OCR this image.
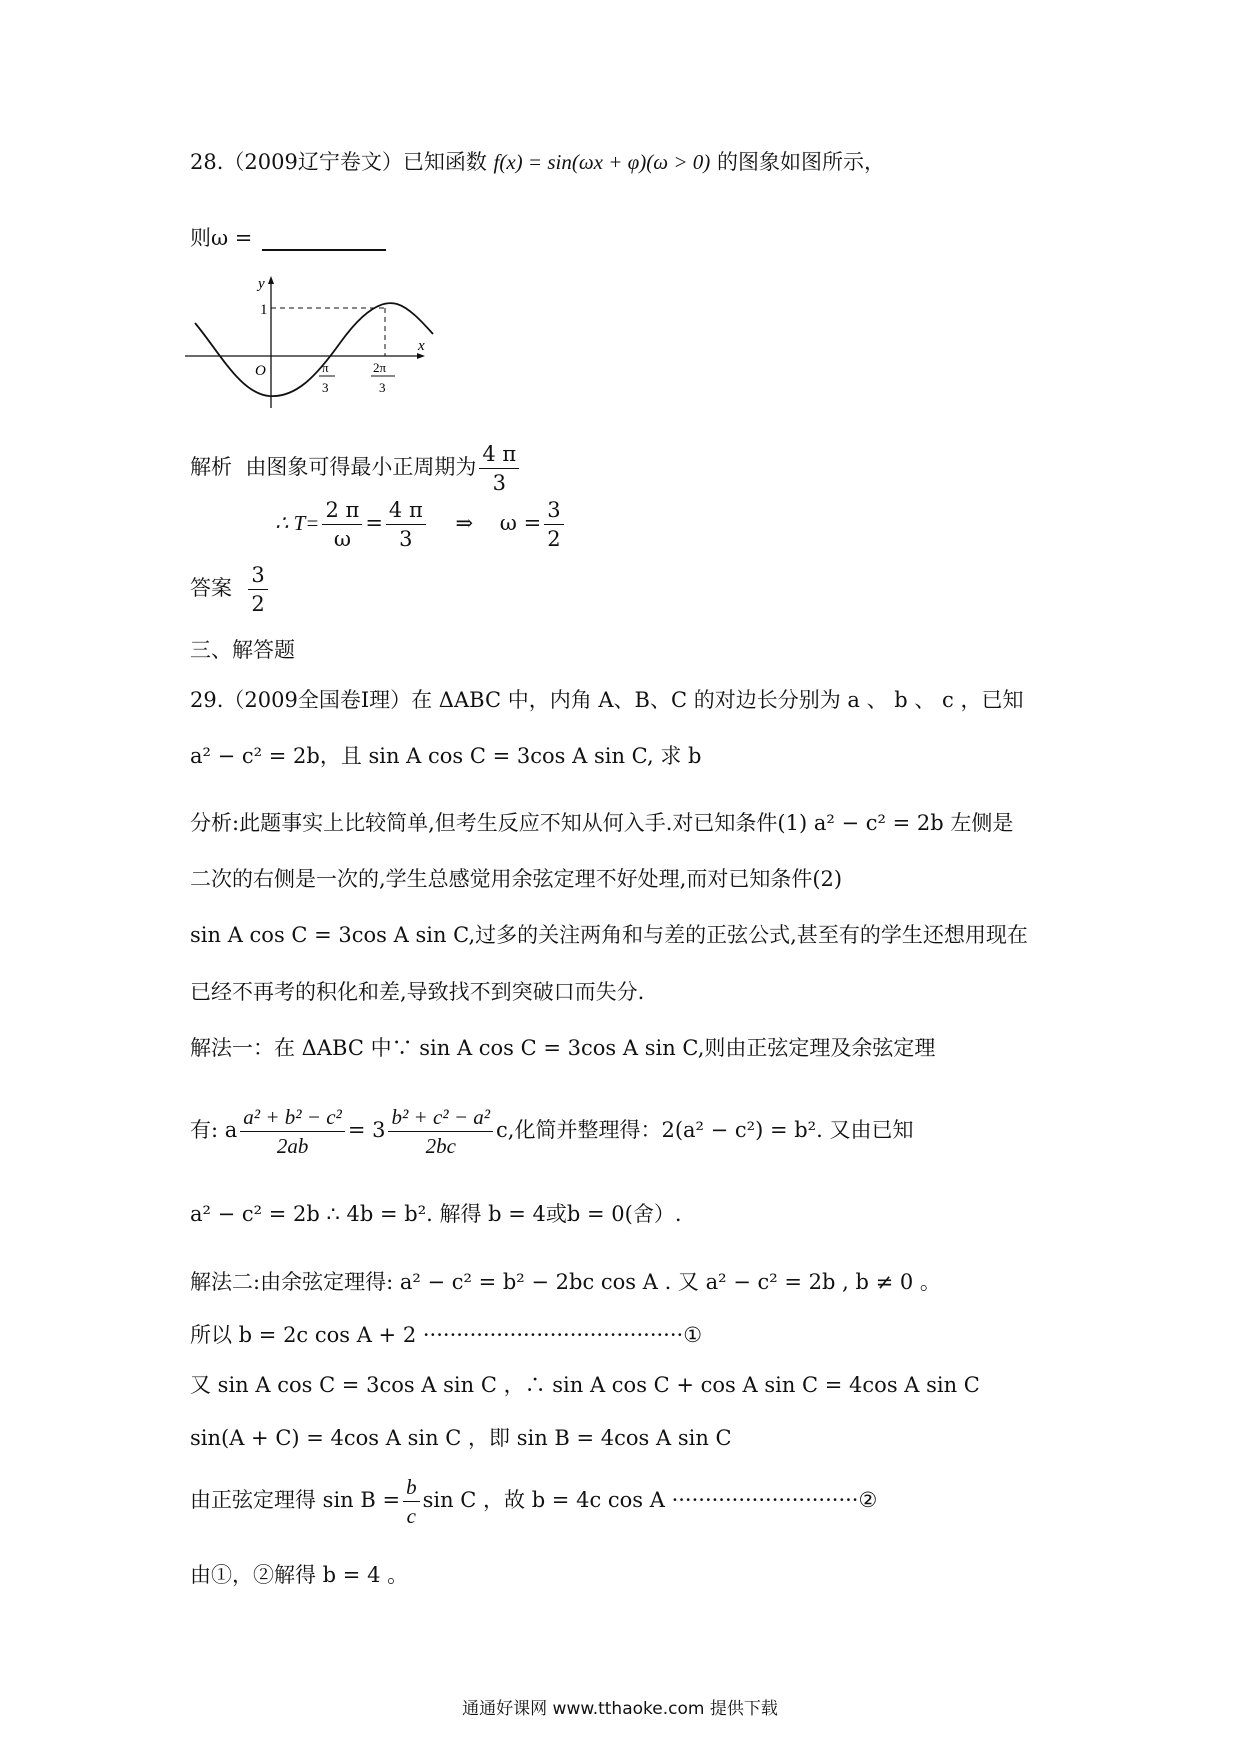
28.（2009辽宁卷文）已知函数 f(x) = sin(ωx + φ)(ω > 0) 的图象如图所示，
则ω =
y
x
O
1
π
3
2π
3
解析 由图象可得最小正周期为 $\frac{4 \pi}{3}$
∴ $T= \frac{2 \pi}{\omega} = \frac{4 \pi}{3}$ ⇒ $\omega = \frac{3}{2}$
答案 $\frac{3}{2}$
三、解答题
29.（2009全国卷Ⅰ理）在 ΔABC 中，内角 A、B、C 的对边长分别为 a 、 b 、 c ，已知
a² − c² = 2b，且 sin A cos C = 3cos A sin C, 求 b
分析:此题事实上比较简单,但考生反应不知从何入手.对已知条件(1) a² − c² = 2b 左侧是
二次的右侧是一次的,学生总感觉用余弦定理不好处理,而对已知条件(2)
sin A cos C = 3cos A sin C,过多的关注两角和与差的正弦公式,甚至有的学生还想用现在
已经不再考的积化和差,导致找不到突破口而失分.
解法一：在 ΔABC 中∵ sin A cos C = 3cos A sin C,则由正弦定理及余弦定理
有: a $\frac{\text{a² + b² − c²}}{2ab} = 3 \frac{\text{b² + c² − a²}}{2bc} c$,化简并整理得：2(a² − c²) = b². 又由已知
a² − c² = 2b ∴ 4b = b². 解得 b = 4或b = 0(舍）.
解法二:由余弦定理得: a² − c² = b² − 2bc cos A . 又 a² − c² = 2b , b ≠ 0 。
所以 b = 2c cos A + 2 ·······································①
又 sin A cos C = 3cos A sin C ，∴ sin A cos C + cos A sin C = 4cos A sin C
sin(A + C) = 4cos A sin C ，即 sin B = 4cos A sin C
由正弦定理得 $\sin B = \frac{b}{c}$ sin C ，故 b = 4c cos A ····························②
由①，②解得 b = 4 。
通通好课网 www.tthaoke.com 提供下载
